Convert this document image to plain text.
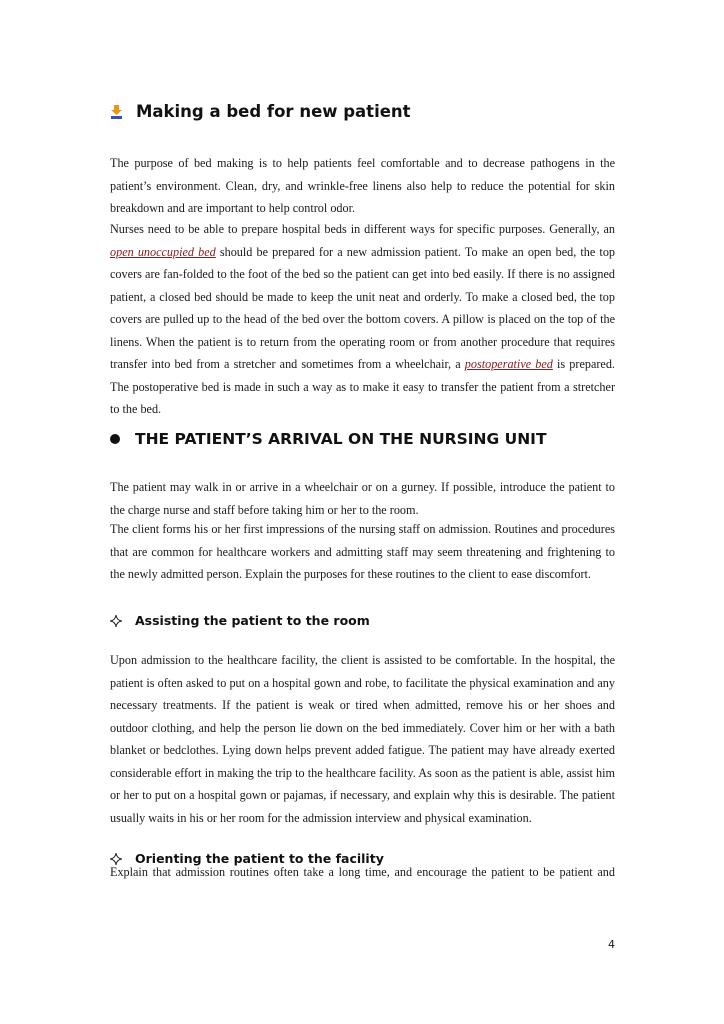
Making a bed for new patient

The purpose of bed making is to help patients feel comfortable and to decrease pathogens in the patient’s environment. Clean, dry, and wrinkle-free linens also help to reduce the potential for skin breakdown and are important to help control odor.

Nurses need to be able to prepare hospital beds in different ways for specific purposes. Generally, an open unoccupied bed should be prepared for a new admission patient. To make an open bed, the top covers are fan-folded to the foot of the bed so the patient can get into bed easily. If there is no assigned patient, a closed bed should be made to keep the unit neat and orderly. To make a closed bed, the top covers are pulled up to the head of the bed over the bottom covers. A pillow is placed on the top of the linens. When the patient is to return from the operating room or from another procedure that requires transfer into bed from a stretcher and sometimes from a wheelchair, a postoperative bed is prepared. The postoperative bed is made in such a way as to make it easy to transfer the patient from a stretcher to the bed.

THE PATIENT’S ARRIVAL ON THE NURSING UNIT

The patient may walk in or arrive in a wheelchair or on a gurney. If possible, introduce the patient to the charge nurse and staff before taking him or her to the room.

The client forms his or her first impressions of the nursing staff on admission. Routines and procedures that are common for healthcare workers and admitting staff may seem threatening and frightening to the newly admitted person. Explain the purposes for these routines to the client to ease discomfort.

Assisting the patient to the room

Upon admission to the healthcare facility, the client is assisted to be comfortable. In the hospital, the patient is often asked to put on a hospital gown and robe, to facilitate the physical examination and any necessary treatments. If the patient is weak or tired when admitted, remove his or her shoes and outdoor clothing, and help the person lie down on the bed immediately. Cover him or her with a bath blanket or bedclothes. Lying down helps prevent added fatigue. The patient may have already exerted considerable effort in making the trip to the healthcare facility. As soon as the patient is able, assist him or her to put on a hospital gown or pajamas, if necessary, and explain why this is desirable. The patient usually waits in his or her room for the admission interview and physical examination.

Orienting the patient to the facility

Explain that admission routines often take a long time, and encourage the patient to be patient and

4
